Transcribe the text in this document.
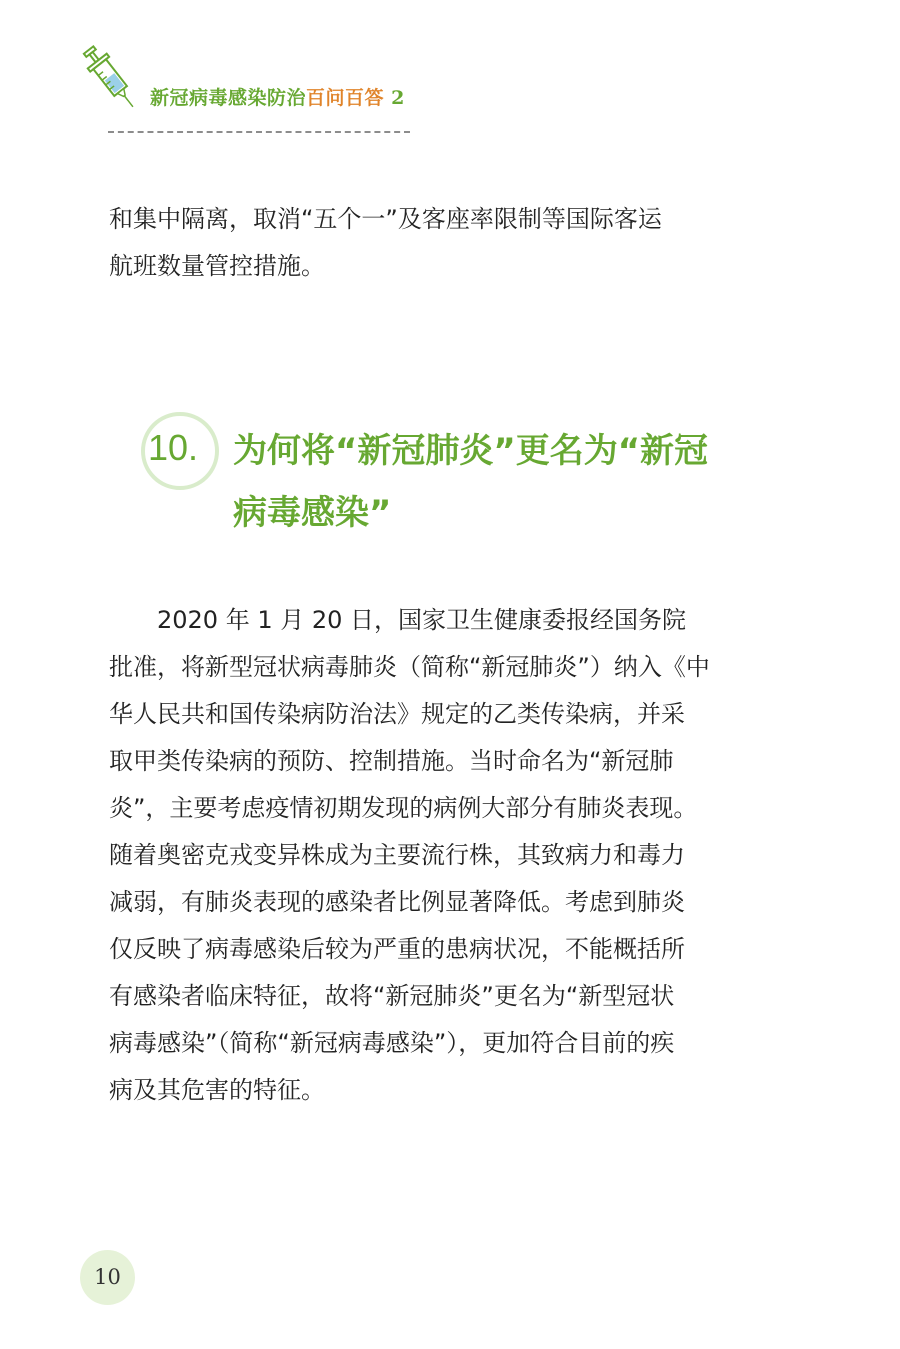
新冠病毒感染防治百问百答 2
和集中隔离，取消“五个一”及客座率限制等国际客运
航班数量管控措施。
10. 为何将“新冠肺炎”更名为“新冠
病毒感染”
　　2020 年 1 月 20 日，国家卫生健康委报经国务院
批准，将新型冠状病毒肺炎（简称“新冠肺炎”）纳入《中
华人民共和国传染病防治法》规定的乙类传染病，并采
取甲类传染病的预防、控制措施。当时命名为“新冠肺
炎”，主要考虑疫情初期发现的病例大部分有肺炎表现。
随着奥密克戎变异株成为主要流行株，其致病力和毒力
减弱，有肺炎表现的感染者比例显著降低。考虑到肺炎
仅反映了病毒感染后较为严重的患病状况，不能概括所
有感染者临床特征，故将“新冠肺炎”更名为“新型冠状
病毒感染”（简称“新冠病毒感染”），更加符合目前的疾
病及其危害的特征。
10
